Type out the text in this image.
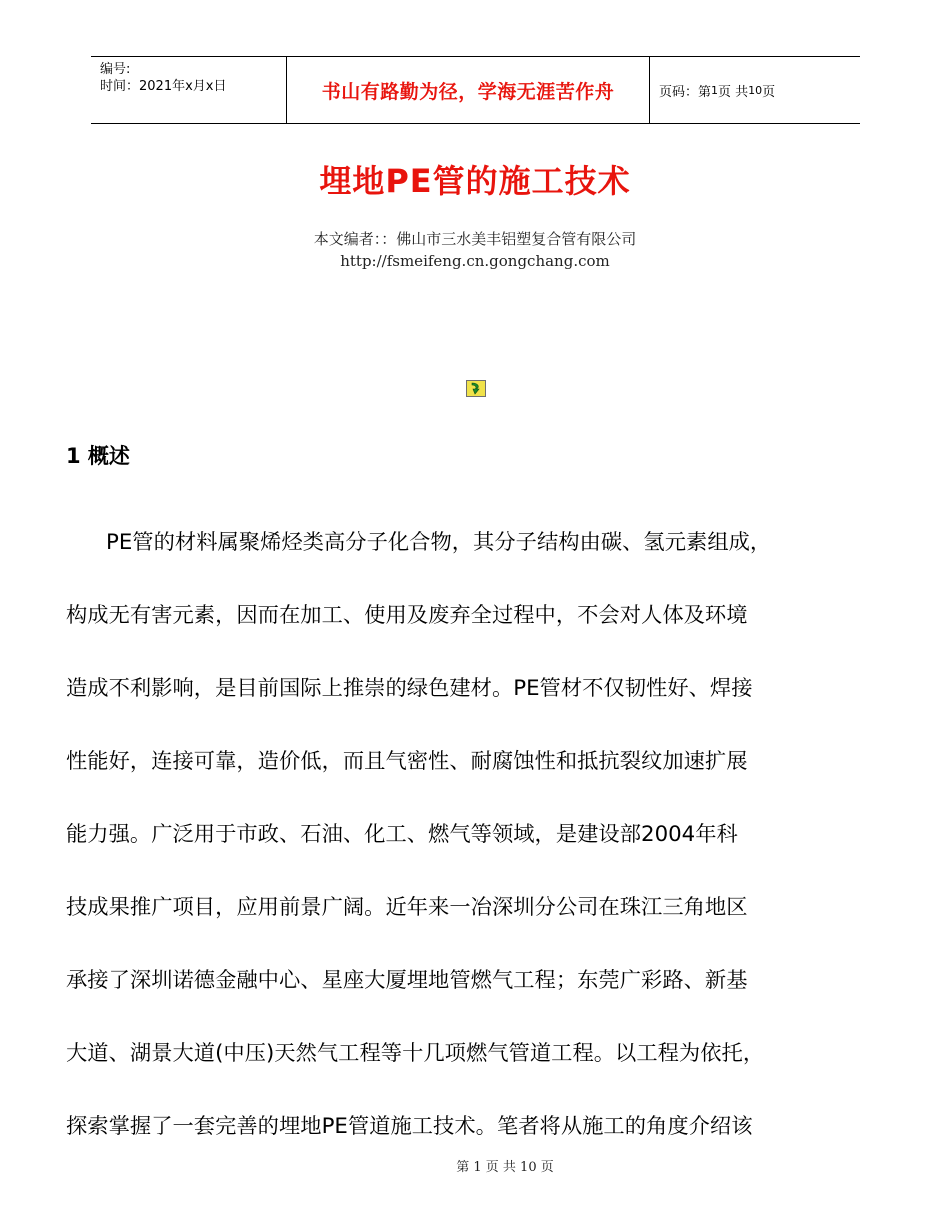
编号:
时间：2021年x月x日	书山有路勤为径，学海无涯苦作舟	页码：第 1 页 共 10 页
埋地PE管的施工技术
本文编者：：佛山市三水美丰铝塑复合管有限公司
http://fsmeifeng.cn.gongchang.com
1 概述
PE管的材料属聚烯烃类高分子化合物，其分子结构由碳、氢元素组成，
构成无有害元素，因而在加工、使用及废弃全过程中，不会对人体及环境
造成不利影响，是目前国际上推崇的绿色建材。PE管材不仅韧性好、焊接
性能好，连接可靠，造价低，而且气密性、耐腐蚀性和抵抗裂纹加速扩展
能力强。广泛用于市政、石油、化工、燃气等领域，是建设部2004年科
技成果推广项目，应用前景广阔。近年来一冶深圳分公司在珠江三角地区
承接了深圳诺德金融中心、星座大厦埋地管燃气工程；东莞广彩路、新基
大道、湖景大道(中压)天然气工程等十几项燃气管道工程。以工程为依托，
探索掌握了一套完善的埋地PE管道施工技术。笔者将从施工的角度介绍该
第 1 页 共 10 页
